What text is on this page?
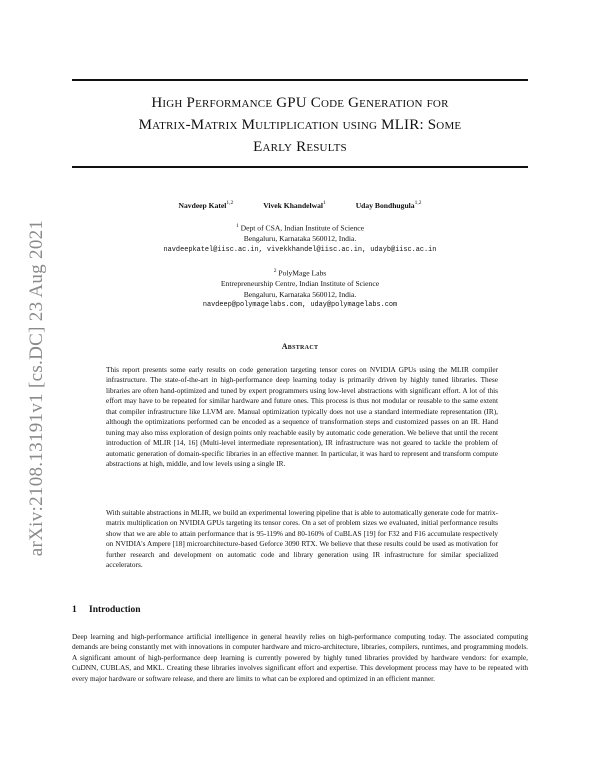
arXiv:2108.13191v1 [cs.DC] 23 Aug 2021
High Performance GPU Code Generation for
Matrix-Matrix Multiplication using MLIR: Some
Early Results
Navdeep Katel$^{1,2}$	Vivek Khandelwal$^1$	Uday Bondhugula$^{1,2}$
$^1$ Dept of CSA, Indian Institute of Science
Bengaluru, Karnataka 560012, India.
navdeepkatel@iisc.ac.in, vivekkhandel@iisc.ac.in, udayb@iisc.ac.in
$^2$ PolyMage Labs
Entrepreneurship Centre, Indian Institute of Science
Bengaluru, Karnataka 560012, India.
navdeep@polymagelabs.com, uday@polymagelabs.com
Abstract
This report presents some early results on code generation targeting tensor cores on NVIDIA GPUs using the MLIR compiler infrastructure. The state-of-the-art in high-performance deep learning today is primarily driven by highly tuned libraries. These libraries are often hand-optimized and tuned by expert programmers using low-level abstractions with significant effort. A lot of this effort may have to be repeated for similar hardware and future ones. This process is thus not modular or reusable to the same extent that compiler infrastructure like LLVM are. Manual optimization typically does not use a standard intermediate representation (IR), although the optimizations performed can be encoded as a sequence of transformation steps and customized passes on an IR. Hand tuning may also miss exploration of design points only reachable easily by automatic code generation. We believe that until the recent introduction of MLIR [14, 16] (Multi-level intermediate representation), IR infrastructure was not geared to tackle the problem of automatic generation of domain-specific libraries in an effective manner. In particular, it was hard to represent and transform compute abstractions at high, middle, and low levels using a single IR.
With suitable abstractions in MLIR, we build an experimental lowering pipeline that is able to automatically generate code for matrix-matrix multiplication on NVIDIA GPUs targeting its tensor cores. On a set of problem sizes we evaluated, initial performance results show that we are able to attain performance that is 95-119% and 80-160% of CuBLAS [19] for F32 and F16 accumulate respectively on NVIDIA's Ampere [18] microarchitecture-based Geforce 3090 RTX. We believe that these results could be used as motivation for further research and development on automatic code and library generation using IR infrastructure for similar specialized accelerators.
1 Introduction
Deep learning and high-performance artificial intelligence in general heavily relies on high-performance computing today. The associated computing demands are being constantly met with innovations in computer hardware and micro-architecture, libraries, compilers, runtimes, and programming models. A significant amount of high-performance deep learning is currently powered by highly tuned libraries provided by hardware vendors: for example, CuDNN, CUBLAS, and MKL. Creating these libraries involves significant effort and expertise. This development process may have to be repeated with every major hardware or software release, and there are limits to what can be explored and optimized in an efficient manner.
